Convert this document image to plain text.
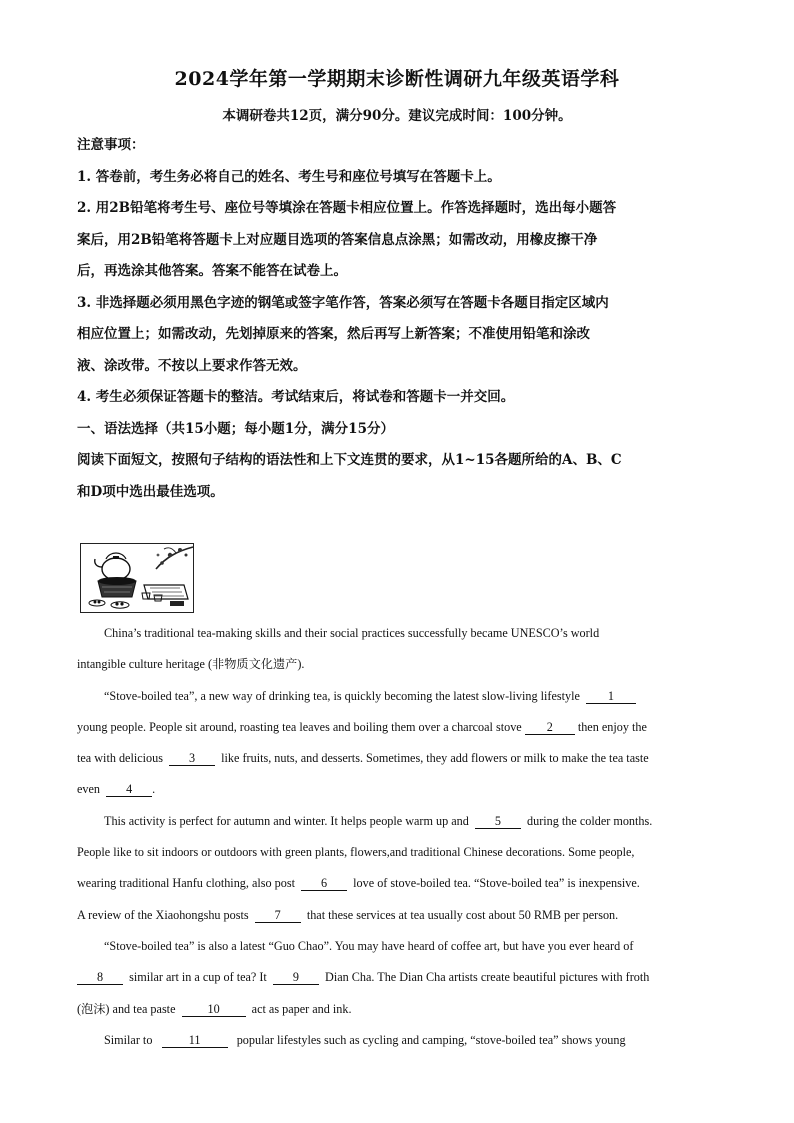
2024学年第一学期期末诊断性调研九年级英语学科
本调研卷共12页，满分90分。建议完成时间：100分钟。
注意事项：
1. 答卷前，考生务必将自己的姓名、考生号和座位号填写在答题卡上。
2. 用2B铅笔将考生号、座位号等填涂在答题卡相应位置上。作答选择题时，选出每小题答
案后，用2B铅笔将答题卡上对应题目选项的答案信息点涂黑；如需改动，用橡皮擦干净
后，再选涂其他答案。答案不能答在试卷上。
3. 非选择题必须用黑色字迹的钢笔或签字笔作答，答案必须写在答题卡各题目指定区域内
相应位置上；如需改动，先划掉原来的答案，然后再写上新答案；不准使用铅笔和涂改
液、涂改带。不按以上要求作答无效。
4. 考生必须保证答题卡的整洁。考试结束后，将试卷和答题卡一并交回。
一、语法选择（共15小题；每小题1分，满分15分）
阅读下面短文，按照句子结构的语法性和上下文连贯的要求，从1~15各题所给的A、B、C
和D项中选出最佳选项。
China’s traditional tea-making skills and their social practices successfully became UNESCO’s world
intangible culture heritage (非物质文化遗产).
“Stove-boiled tea”, a new way of drinking tea, is quickly becoming the latest slow-living lifestyle 1
young people. People sit around, roasting tea leaves and boiling them over a charcoal stove 2 then enjoy the
tea with delicious 3 like fruits, nuts, and desserts. Sometimes, they add flowers or milk to make the tea taste
even 4 .
This activity is perfect for autumn and winter. It helps people warm up and 5 during the colder months.
People like to sit indoors or outdoors with green plants, flowers,and traditional Chinese decorations. Some people,
wearing traditional Hanfu clothing, also post 6 love of stove-boiled tea. “Stove-boiled tea” is inexpensive.
A review of the Xiaohongshu posts 7 that these services at tea usually cost about 50 RMB per person.
“Stove-boiled tea” is also a latest “Guo Chao”. You may have heard of coffee art, but have you ever heard of
8 similar art in a cup of tea? It 9 Dian Cha. The Dian Cha artists create beautiful pictures with froth
(泡沫) and tea paste	10	act as paper and ink.
Similar to	11	popular lifestyles such as cycling and camping, “stove-boiled tea” shows young
